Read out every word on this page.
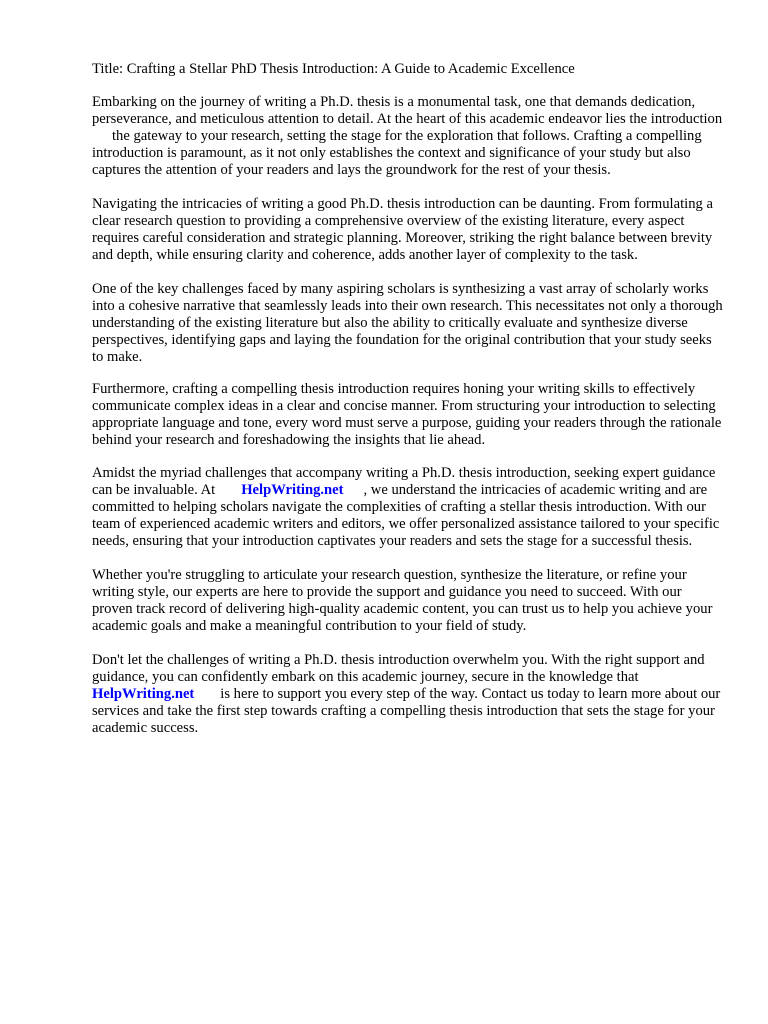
Title: Crafting a Stellar PhD Thesis Introduction: A Guide to Academic Excellence

Embarking on the journey of writing a Ph.D. thesis is a monumental task, one that demands dedication, perseverance, and meticulous attention to detail. At the heart of this academic endeavor lies the introductionthe gateway to your research, setting the stage for the exploration that follows. Crafting a compelling introduction is paramount, as it not only establishes the context and significance of your study but also captures the attention of your readers and lays the groundwork for the rest of your thesis.

Navigating the intricacies of writing a good Ph.D. thesis introduction can be daunting. From formulating a clear research question to providing a comprehensive overview of the existing literature, every aspect requires careful consideration and strategic planning. Moreover, striking the right balance between brevity and depth, while ensuring clarity and coherence, adds another layer of complexity to the task.

One of the key challenges faced by many aspiring scholars is synthesizing a vast array of scholarly works into a cohesive narrative that seamlessly leads into their own research. This necessitates not only a thorough understanding of the existing literature but also the ability to critically evaluate and synthesize diverse perspectives, identifying gaps and laying the foundation for the original contribution that your study seeks to make.

Furthermore, crafting a compelling thesis introduction requires honing your writing skills to effectively communicate complex ideas in a clear and concise manner. From structuring your introduction to selecting appropriate language and tone, every word must serve a purpose, guiding your readers through the rationale behind your research and foreshadowing the insights that lie ahead.

Amidst the myriad challenges that accompany writing a Ph.D. thesis introduction, seeking expert guidance can be invaluable. At HelpWriting.net , we understand the intricacies of academic writing and are committed to helping scholars navigate the complexities of crafting a stellar thesis introduction. With our team of experienced academic writers and editors, we offer personalized assistance tailored to your specific needs, ensuring that your introduction captivates your readers and sets the stage for a successful thesis.

Whether you're struggling to articulate your research question, synthesize the literature, or refine your writing style, our experts are here to provide the support and guidance you need to succeed. With our proven track record of delivering high-quality academic content, you can trust us to help you achieve your academic goals and make a meaningful contribution to your field of study.

Don't let the challenges of writing a Ph.D. thesis introduction overwhelm you. With the right support and guidance, you can confidently embark on this academic journey, secure in the knowledge that HelpWriting.net is here to support you every step of the way. Contact us today to learn more about our services and take the first step towards crafting a compelling thesis introduction that sets the stage for your academic success.
